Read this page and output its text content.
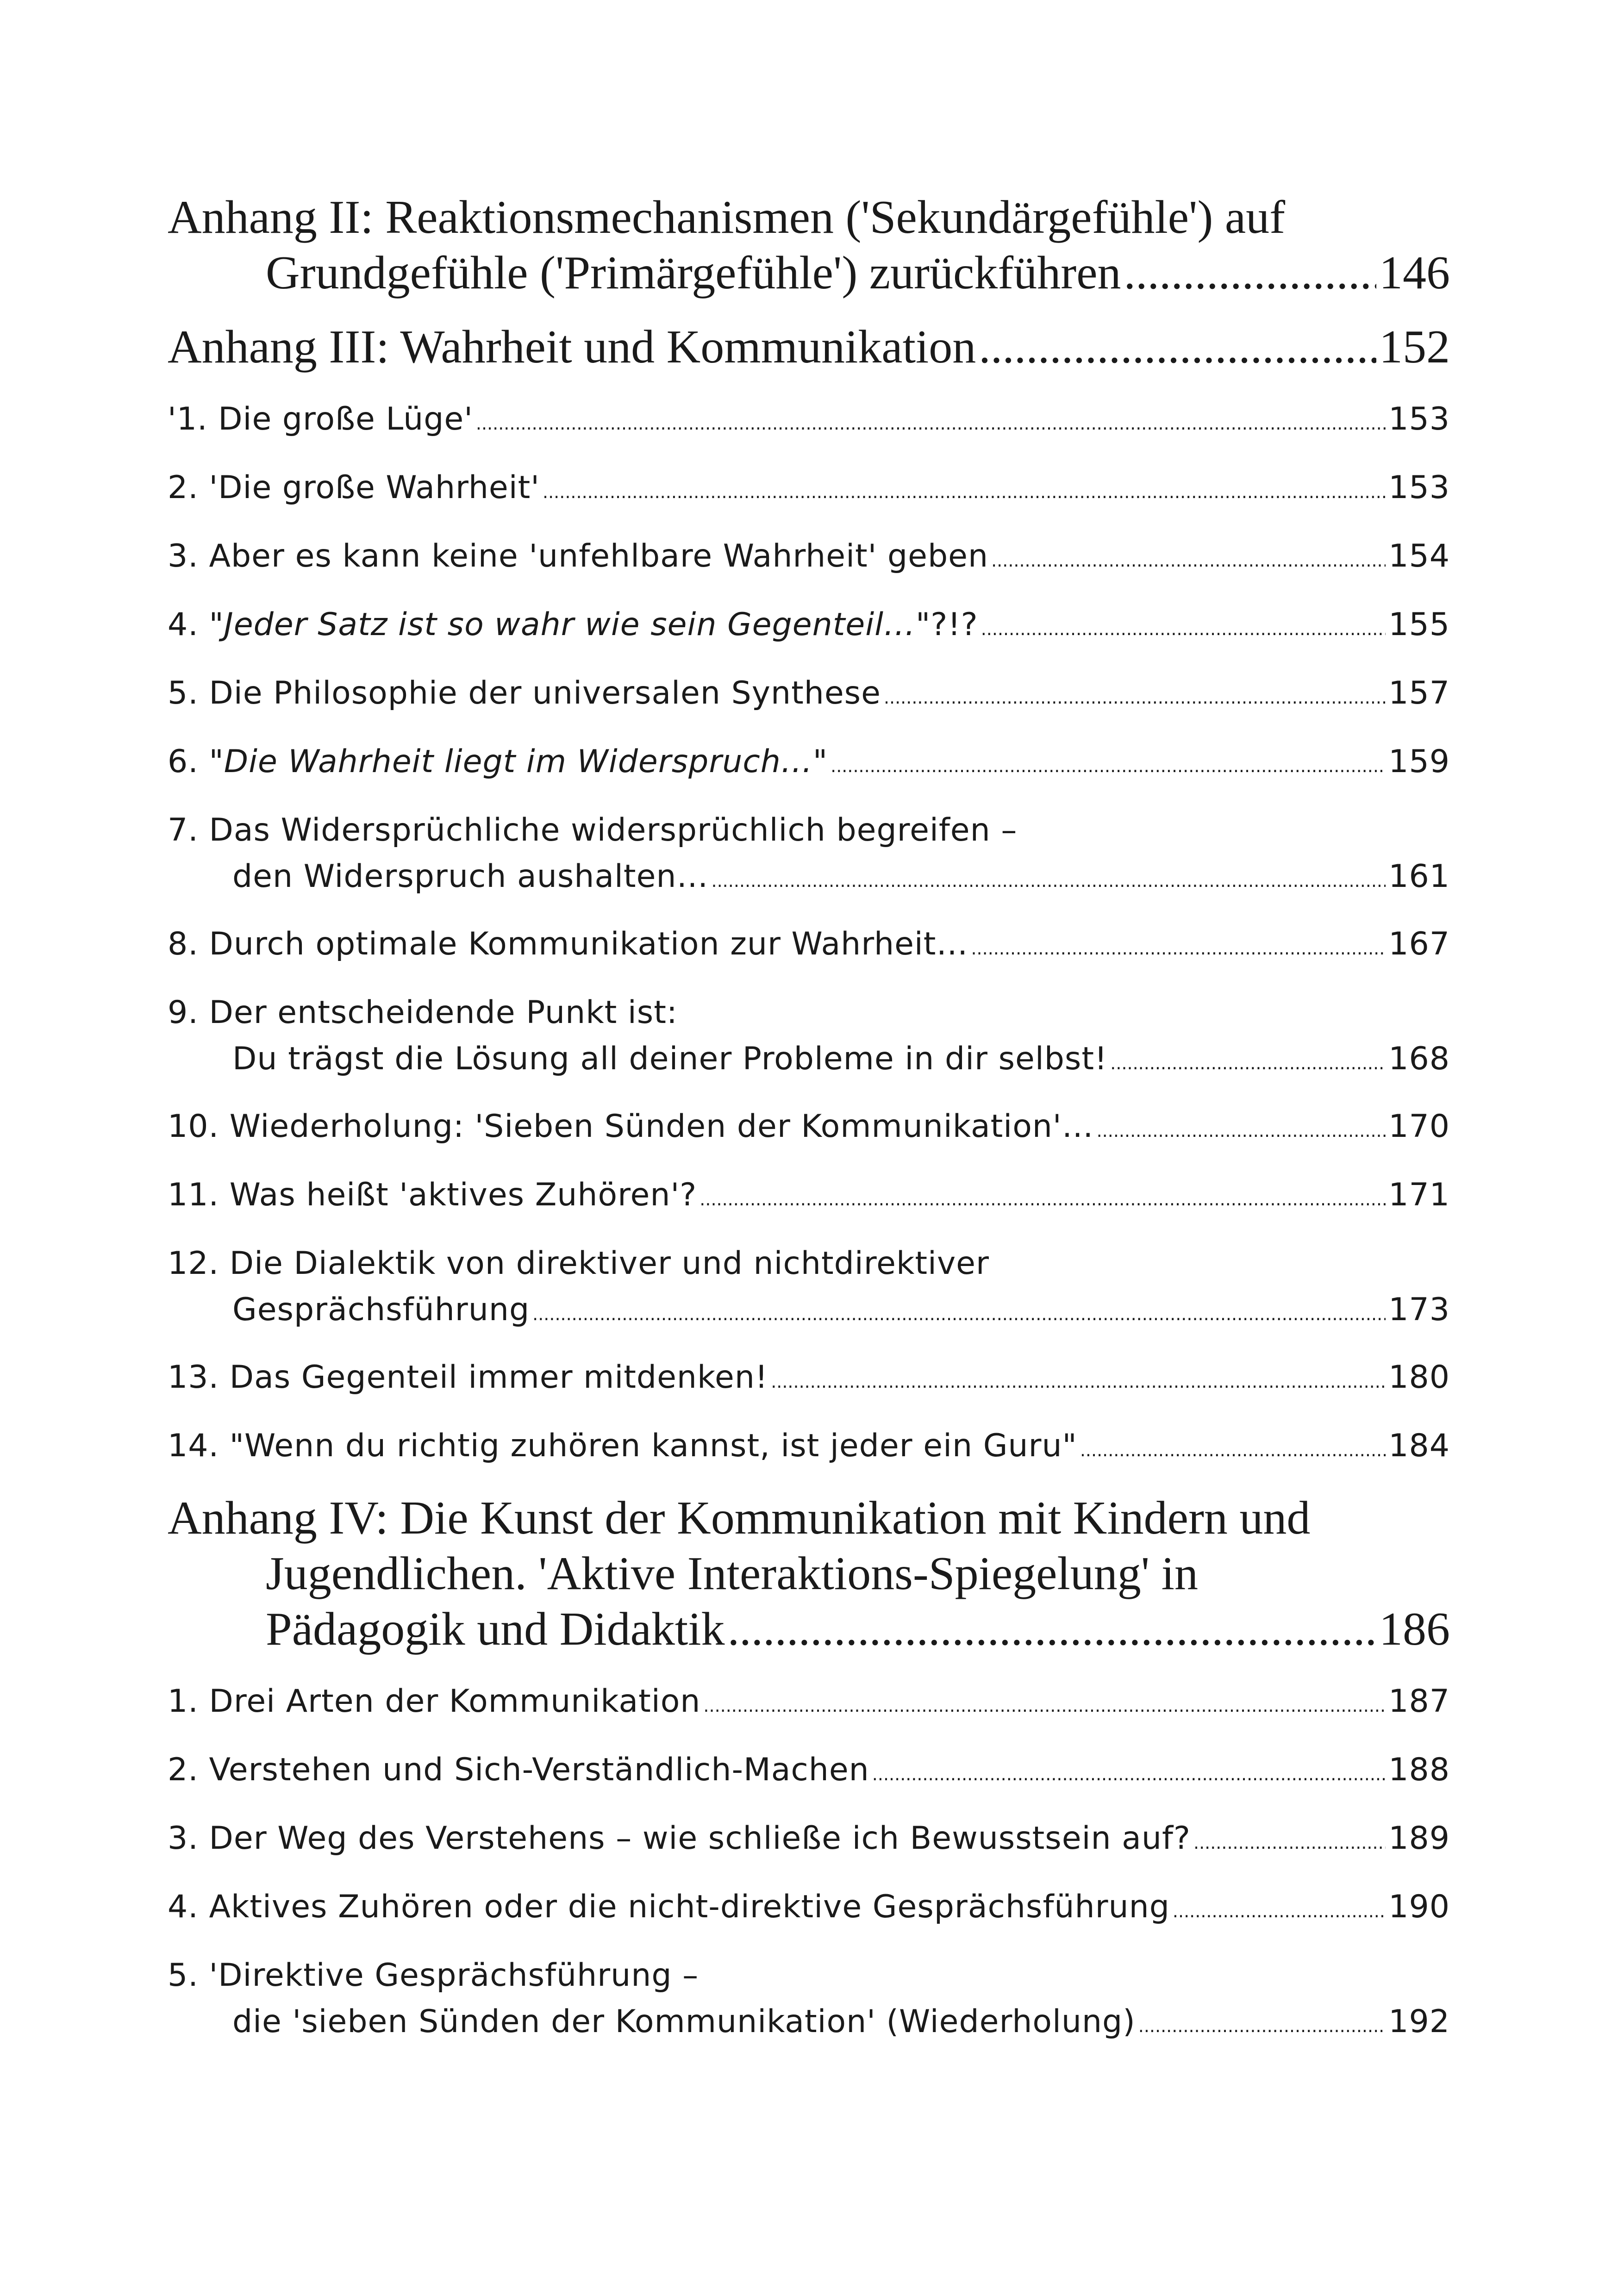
Anhang II: Reaktionsmechanismen ('Sekundärgefühle') auf
Grundgefühle ('Primärgefühle') zurückführen .....	146
Anhang III: Wahrheit und Kommunikation .....	152
'1. Die große Lüge' .....	153
2. 'Die große Wahrheit' .....	153
3. Aber es kann keine 'unfehlbare Wahrheit' geben .....	154
4. "Jeder Satz ist so wahr wie sein Gegenteil…"?!? .....	155
5. Die Philosophie der universalen Synthese .....	157
6. "Die Wahrheit liegt im Widerspruch…" .....	159
7. Das Widersprüchliche widersprüchlich begreifen –
den Widerspruch aushalten… .....	161
8. Durch optimale Kommunikation zur Wahrheit… .....	167
9. Der entscheidende Punkt ist:
Du trägst die Lösung all deiner Probleme in dir selbst! .....	168
10. Wiederholung: 'Sieben Sünden der Kommunikation'… .....	170
11. Was heißt 'aktives Zuhören'? .....	171
12. Die Dialektik von direktiver und nichtdirektiver
Gesprächsführung .....	173
13. Das Gegenteil immer mitdenken! .....	180
14. "Wenn du richtig zuhören kannst, ist jeder ein Guru" .....	184
Anhang IV: Die Kunst der Kommunikation mit Kindern und
Jugendlichen. 'Aktive Interaktions-Spiegelung' in
Pädagogik und Didaktik .....	186
1. Drei Arten der Kommunikation .....	187
2. Verstehen und Sich-Verständlich-Machen .....	188
3. Der Weg des Verstehens – wie schließe ich Bewusstsein auf? .....	189
4. Aktives Zuhören oder die nicht-direktive Gesprächsführung .....	190
5. 'Direktive Gesprächsführung –
die 'sieben Sünden der Kommunikation' (Wiederholung) .....	192
